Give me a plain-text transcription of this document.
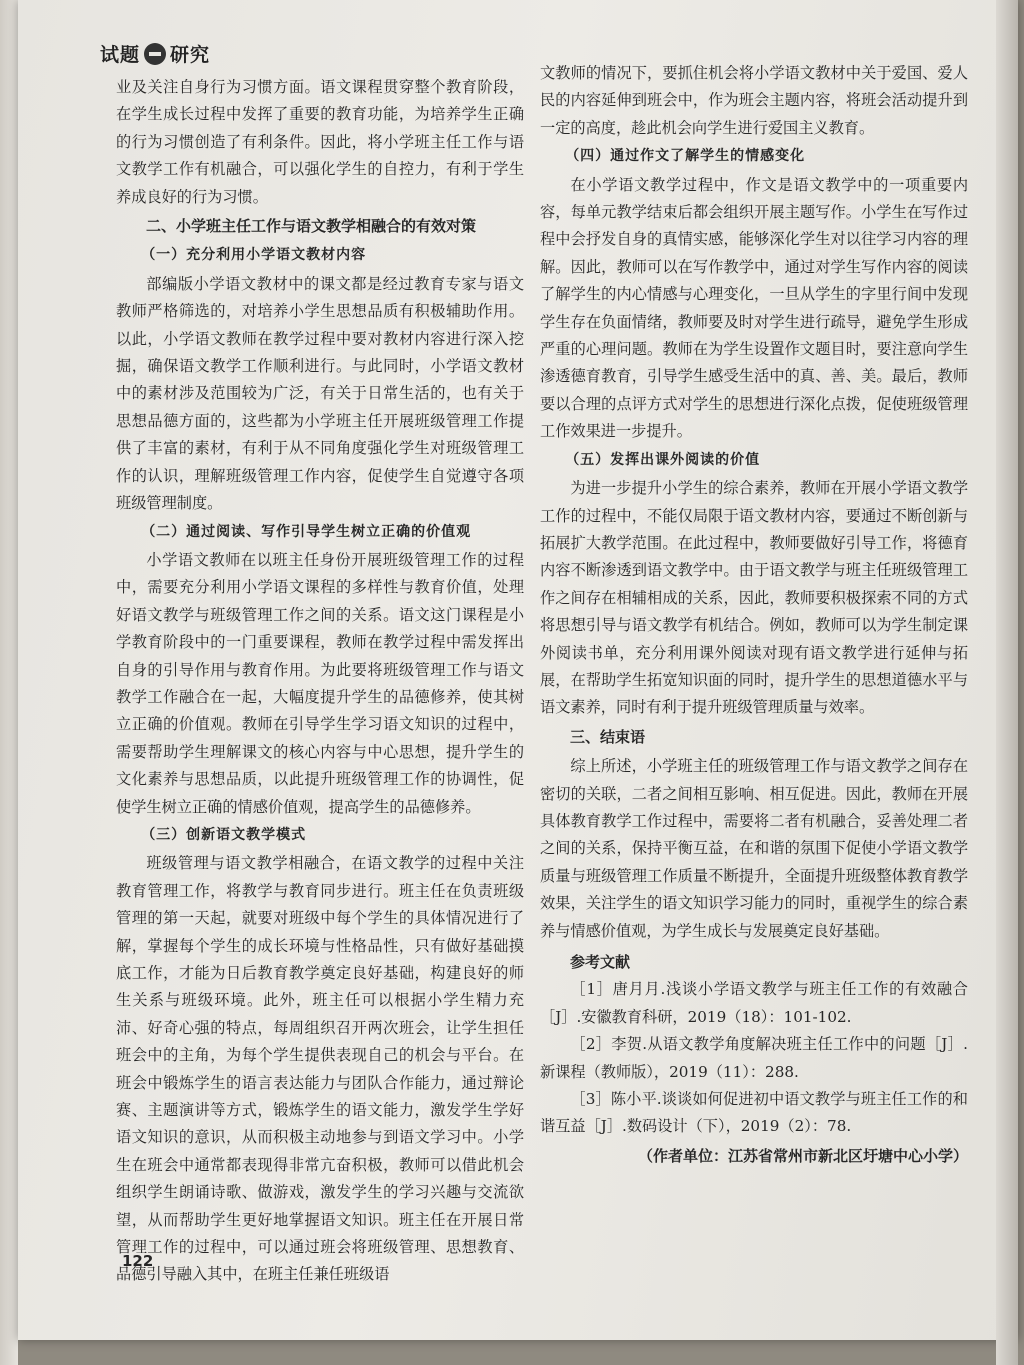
试题 研究

业及关注自身行为习惯方面。语文课程贯穿整个教育阶段，在学生成长过程中发挥了重要的教育功能，为培养学生正确的行为习惯创造了有利条件。因此，将小学班主任工作与语文教学工作有机融合，可以强化学生的自控力，有利于学生养成良好的行为习惯。

二、小学班主任工作与语文教学相融合的有效对策
（一）充分利用小学语文教材内容

部编版小学语文教材中的课文都是经过教育专家与语文教师严格筛选的，对培养小学生思想品质有积极辅助作用。以此，小学语文教师在教学过程中要对教材内容进行深入挖掘，确保语文教学工作顺利进行。与此同时，小学语文教材中的素材涉及范围较为广泛，有关于日常生活的，也有关于思想品德方面的，这些都为小学班主任开展班级管理工作提供了丰富的素材，有利于从不同角度强化学生对班级管理工作的认识，理解班级管理工作内容，促使学生自觉遵守各项班级管理制度。

（二）通过阅读、写作引导学生树立正确的价值观

小学语文教师在以班主任身份开展班级管理工作的过程中，需要充分利用小学语文课程的多样性与教育价值，处理好语文教学与班级管理工作之间的关系。语文这门课程是小学教育阶段中的一门重要课程，教师在教学过程中需发挥出自身的引导作用与教育作用。为此要将班级管理工作与语文教学工作融合在一起，大幅度提升学生的品德修养，使其树立正确的价值观。教师在引导学生学习语文知识的过程中，需要帮助学生理解课文的核心内容与中心思想，提升学生的文化素养与思想品质，以此提升班级管理工作的协调性，促使学生树立正确的情感价值观，提高学生的品德修养。

（三）创新语文教学模式

班级管理与语文教学相融合，在语文教学的过程中关注教育管理工作，将教学与教育同步进行。班主任在负责班级管理的第一天起，就要对班级中每个学生的具体情况进行了解，掌握每个学生的成长环境与性格品性，只有做好基础摸底工作，才能为日后教育教学奠定良好基础，构建良好的师生关系与班级环境。此外，班主任可以根据小学生精力充沛、好奇心强的特点，每周组织召开两次班会，让学生担任班会中的主角，为每个学生提供表现自己的机会与平台。在班会中锻炼学生的语言表达能力与团队合作能力，通过辩论赛、主题演讲等方式，锻炼学生的语文能力，激发学生学好语文知识的意识，从而积极主动地参与到语文学习中。小学生在班会中通常都表现得非常亢奋积极，教师可以借此机会组织学生朗诵诗歌、做游戏，激发学生的学习兴趣与交流欲望，从而帮助学生更好地掌握语文知识。班主任在开展日常管理工作的过程中，可以通过班会将班级管理、思想教育、品德引导融入其中，在班主任兼任班级语

文教师的情况下，要抓住机会将小学语文教材中关于爱国、爱人民的内容延伸到班会中，作为班会主题内容，将班会活动提升到一定的高度，趁此机会向学生进行爱国主义教育。

（四）通过作文了解学生的情感变化

在小学语文教学过程中，作文是语文教学中的一项重要内容，每单元教学结束后都会组织开展主题写作。小学生在写作过程中会抒发自身的真情实感，能够深化学生对以往学习内容的理解。因此，教师可以在写作教学中，通过对学生写作内容的阅读了解学生的内心情感与心理变化，一旦从学生的字里行间中发现学生存在负面情绪，教师要及时对学生进行疏导，避免学生形成严重的心理问题。教师在为学生设置作文题目时，要注意向学生渗透德育教育，引导学生感受生活中的真、善、美。最后，教师要以合理的点评方式对学生的思想进行深化点拨，促使班级管理工作效果进一步提升。

（五）发挥出课外阅读的价值

为进一步提升小学生的综合素养，教师在开展小学语文教学工作的过程中，不能仅局限于语文教材内容，要通过不断创新与拓展扩大教学范围。在此过程中，教师要做好引导工作，将德育内容不断渗透到语文教学中。由于语文教学与班主任班级管理工作之间存在相辅相成的关系，因此，教师要积极探索不同的方式将思想引导与语文教学有机结合。例如，教师可以为学生制定课外阅读书单，充分利用课外阅读对现有语文教学进行延伸与拓展，在帮助学生拓宽知识面的同时，提升学生的思想道德水平与语文素养，同时有利于提升班级管理质量与效率。

三、结束语

综上所述，小学班主任的班级管理工作与语文教学之间存在密切的关联，二者之间相互影响、相互促进。因此，教师在开展具体教育教学工作过程中，需要将二者有机融合，妥善处理二者之间的关系，保持平衡互益，在和谐的氛围下促使小学语文教学质量与班级管理工作质量不断提升，全面提升班级整体教育教学效果，关注学生的语文知识学习能力的同时，重视学生的综合素养与情感价值观，为学生成长与发展奠定良好基础。

参考文献

［1］唐月月.浅谈小学语文教学与班主任工作的有效融合［J］.安徽教育科研，2019（18）：101-102.

［2］李贺.从语文教学角度解决班主任工作中的问题［J］.新课程（教师版），2019（11）：288.

［3］陈小平.谈谈如何促进初中语文教学与班主任工作的和谐互益［J］.数码设计（下），2019（2）：78.

（作者单位：江苏省常州市新北区圩塘中心小学）
122
